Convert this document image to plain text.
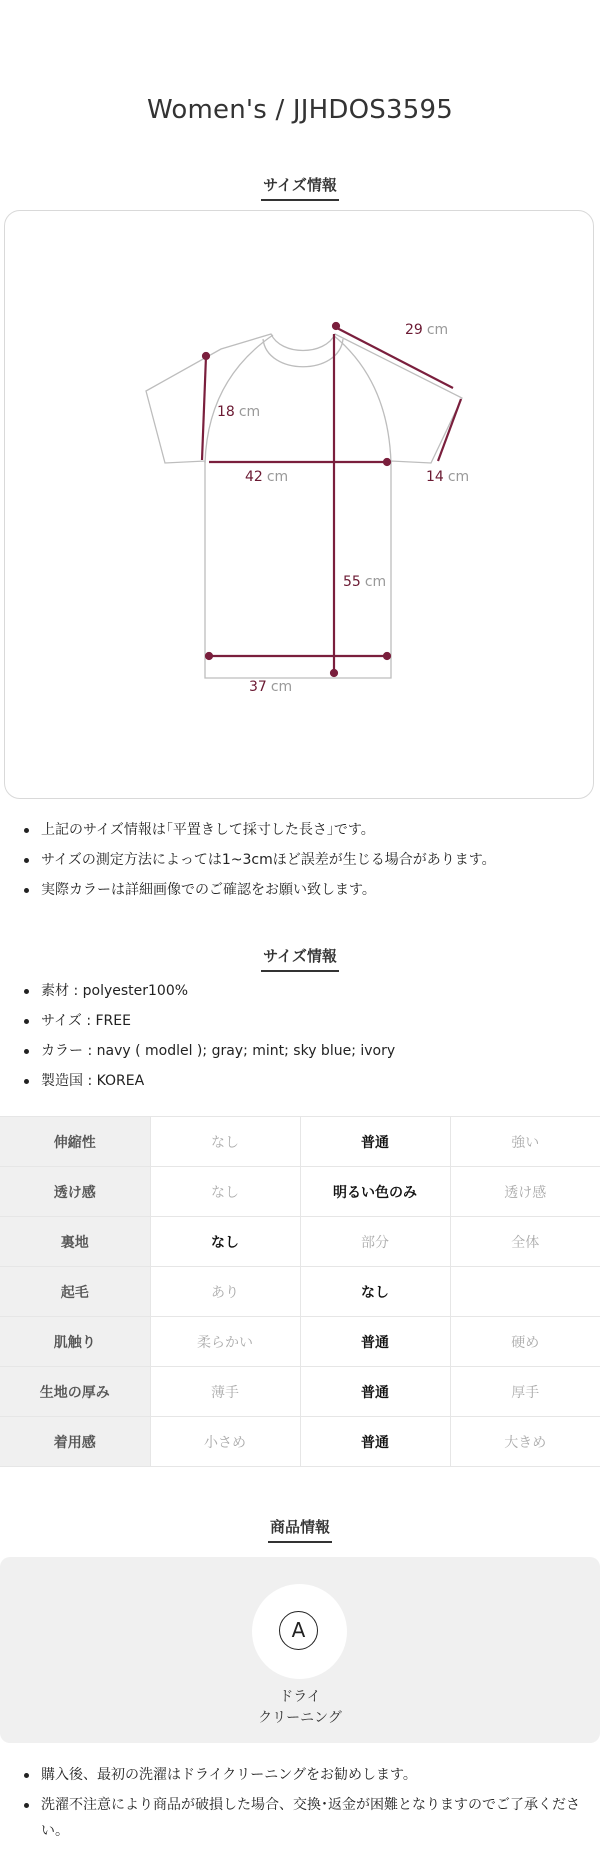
Women's / JJHDOS3595
サイズ情報
29 cm
18 cm
42 cm	14 cm
55 cm
37 cm
上記のサイズ情報は｢平置きして採寸した長さ｣です。
サイズの測定方法によっては1~3cmほど誤差が生じる場合があります。
実際カラーは詳細画像でのご確認をお願い致します。
サイズ情報
素材 : polyester100%
サイズ : FREE
カラー : navy ( modlel ); gray; mint; sky blue; ivory
製造国 : KOREA
伸縮性	なし	普通	強い
透け感	なし	明るい色のみ	透け感
裏地	なし	部分	全体
起毛	あり	なし	
肌触り	柔らかい	普通	硬め
生地の厚み	薄手	普通	厚手
着用感	小さめ	普通	大きめ
商品情報
A
ドライ
クリーニング
購入後、最初の洗濯はドライクリーニングをお勧めします。
洗濯不注意により商品が破損した場合、交換･返金が困難となりますのでご了承ください。
